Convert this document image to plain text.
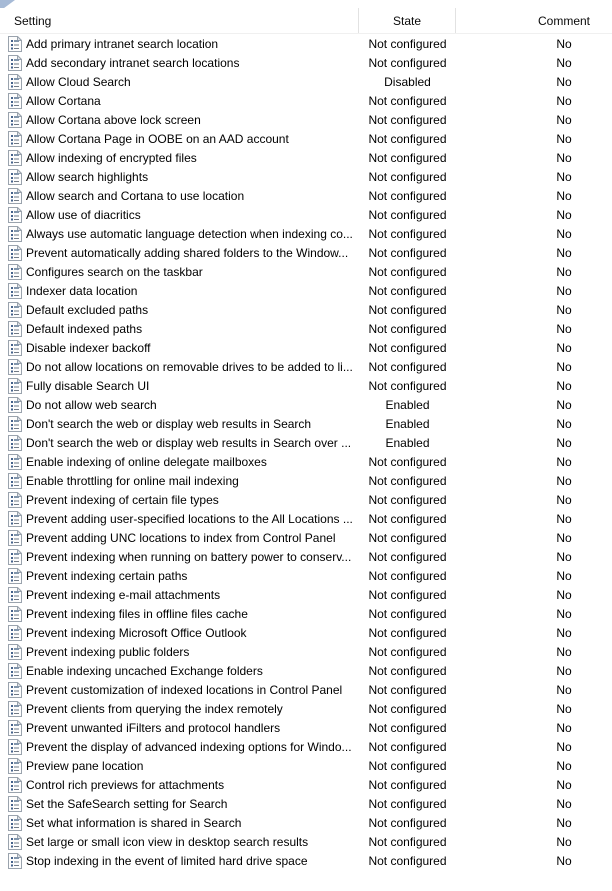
Setting	State	Comment
Add primary intranet search location	Not configured	No
Add secondary intranet search locations	Not configured	No
Allow Cloud Search	Disabled	No
Allow Cortana	Not configured	No
Allow Cortana above lock screen	Not configured	No
Allow Cortana Page in OOBE on an AAD account	Not configured	No
Allow indexing of encrypted files	Not configured	No
Allow search highlights	Not configured	No
Allow search and Cortana to use location	Not configured	No
Allow use of diacritics	Not configured	No
Always use automatic language detection when indexing co...	Not configured	No
Prevent automatically adding shared folders to the Window...	Not configured	No
Configures search on the taskbar	Not configured	No
Indexer data location	Not configured	No
Default excluded paths	Not configured	No
Default indexed paths	Not configured	No
Disable indexer backoff	Not configured	No
Do not allow locations on removable drives to be added to li...	Not configured	No
Fully disable Search UI	Not configured	No
Do not allow web search	Enabled	No
Don't search the web or display web results in Search	Enabled	No
Don't search the web or display web results in Search over ...	Enabled	No
Enable indexing of online delegate mailboxes	Not configured	No
Enable throttling for online mail indexing	Not configured	No
Prevent indexing of certain file types	Not configured	No
Prevent adding user-specified locations to the All Locations ...	Not configured	No
Prevent adding UNC locations to index from Control Panel	Not configured	No
Prevent indexing when running on battery power to conserv...	Not configured	No
Prevent indexing certain paths	Not configured	No
Prevent indexing e-mail attachments	Not configured	No
Prevent indexing files in offline files cache	Not configured	No
Prevent indexing Microsoft Office Outlook	Not configured	No
Prevent indexing public folders	Not configured	No
Enable indexing uncached Exchange folders	Not configured	No
Prevent customization of indexed locations in Control Panel	Not configured	No
Prevent clients from querying the index remotely	Not configured	No
Prevent unwanted iFilters and protocol handlers	Not configured	No
Prevent the display of advanced indexing options for Windo...	Not configured	No
Preview pane location	Not configured	No
Control rich previews for attachments	Not configured	No
Set the SafeSearch setting for Search	Not configured	No
Set what information is shared in Search	Not configured	No
Set large or small icon view in desktop search results	Not configured	No
Stop indexing in the event of limited hard drive space	Not configured	No
